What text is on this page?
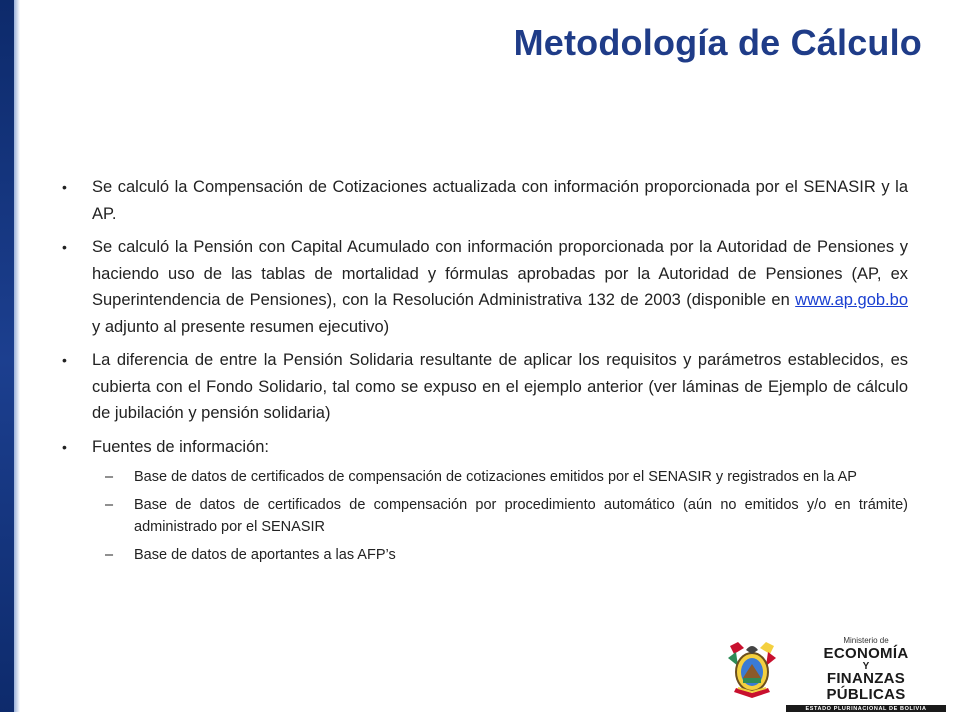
Metodología de Cálculo
• Se calculó la Compensación de Cotizaciones actualizada con información proporcionada por el SENASIR y la AP.
• Se calculó la Pensión con Capital Acumulado con información proporcionada por la Autoridad de Pensiones y haciendo uso de las tablas de mortalidad y fórmulas aprobadas por la Autoridad de Pensiones (AP, ex Superintendencia de Pensiones), con la Resolución Administrativa 132 de 2003 (disponible en www.ap.gob.bo y adjunto al presente resumen ejecutivo)
• La diferencia de entre la Pensión Solidaria resultante de aplicar los requisitos y parámetros establecidos, es cubierta con el Fondo Solidario, tal como se expuso en el ejemplo anterior (ver láminas de Ejemplo de cálculo de jubilación y pensión solidaria)
• Fuentes de información:
– Base de datos de certificados de compensación de cotizaciones emitidos por el SENASIR y registrados en la AP
– Base de datos de certificados de compensación por procedimiento automático (aún no emitidos y/o en trámite) administrado por el SENASIR
– Base de datos de aportantes a las AFP’s
Ministerio de
ECONOMÍA
Y
FINANZAS PÚBLICAS
ESTADO PLURINACIONAL DE BOLIVIA
